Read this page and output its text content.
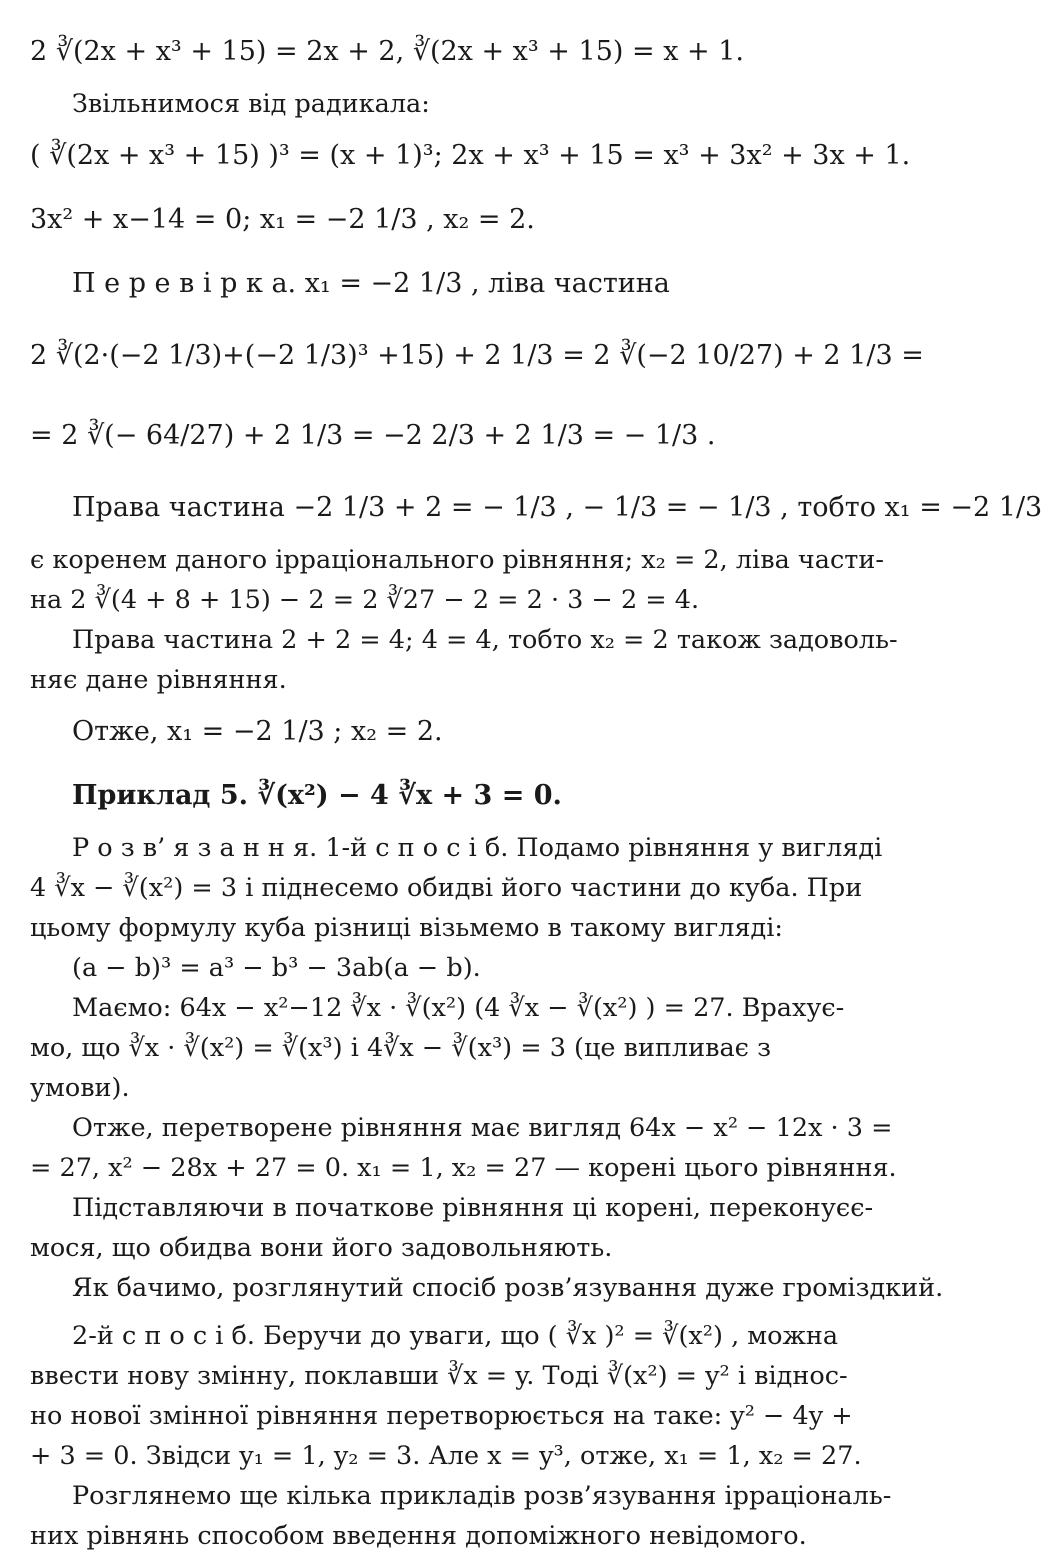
2 ∛(2x + x³ + 15) = 2x + 2, ∛(2x + x³ + 15) = x + 1.
Звільнимося від радикала:
( ∛(2x + x³ + 15) )³ = (x + 1)³; 2x + x³ + 15 = x³ + 3x² + 3x + 1.
3x² + x−14 = 0; x₁ = −2 1/3 , x₂ = 2.
П е р е в і р к а. x₁ = −2 1/3 , ліва частина
2 ∛(2·(−2 1/3)+(−2 1/3)³ +15) + 2 1/3 = 2 ∛(−2 10/27) + 2 1/3 =
= 2 ∛(− 64/27) + 2 1/3 = −2 2/3 + 2 1/3 = − 1/3 .
Права частина −2 1/3 + 2 = − 1/3 , − 1/3 = − 1/3 , тобто x₁ = −2 1/3
є коренем даного ірраціонального рівняння; x₂ = 2, ліва части-
на 2 ∛(4 + 8 + 15) − 2 = 2 ∛27 − 2 = 2 · 3 − 2 = 4.
Права частина 2 + 2 = 4; 4 = 4, тобто x₂ = 2 також задоволь-
няє дане рівняння.
Отже, x₁ = −2 1/3 ; x₂ = 2.
Приклад 5. ∛(x²) − 4 ∛x + 3 = 0.
Р о з в’ я з а н н я. 1-й с п о с і б. Подамо рівняння у вигляді
4 ∛x − ∛(x²) = 3 і піднесемо обидві його частини до куба. При
цьому формулу куба різниці візьмемо в такому вигляді:
(a − b)³ = a³ − b³ − 3ab(a − b).
Маємо: 64x − x²−12 ∛x · ∛(x²) (4 ∛x − ∛(x²) ) = 27. Врахує-
мо, що ∛x · ∛(x²) = ∛(x³) і 4∛x − ∛(x³) = 3 (це випливає з
умови).
Отже, перетворене рівняння має вигляд 64x − x² − 12x · 3 =
= 27, x² − 28x + 27 = 0. x₁ = 1, x₂ = 27 — корені цього рівняння.
Підставляючи в початкове рівняння ці корені, переконуєє-
мося, що обидва вони його задовольняють.
Як бачимо, розглянутий спосіб розв’язування дуже громіздкий.
2-й с п о с і б. Беручи до уваги, що ( ∛x )² = ∛(x²) , можна
ввести нову змінну, поклавши ∛x = y. Тоді ∛(x²) = y² і віднос-
но нової змінної рівняння перетворюється на таке: y² − 4y +
+ 3 = 0. Звідси y₁ = 1, y₂ = 3. Але x = y³, отже, x₁ = 1, x₂ = 27.
Розглянемо ще кілька прикладів розв’язування ірраціональ-
них рівнянь способом введення допоміжного невідомого.
